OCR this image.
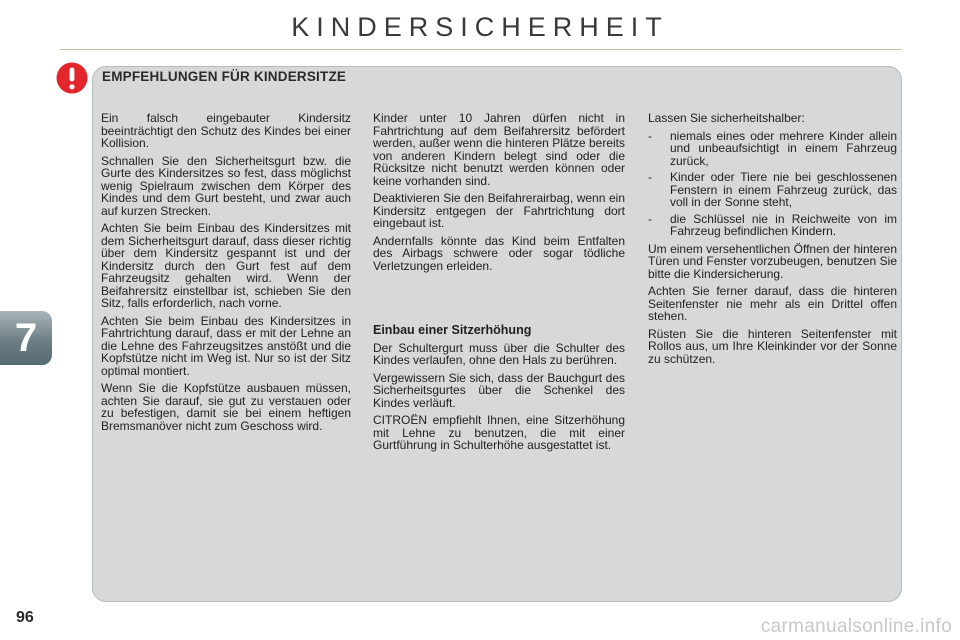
KINDERSICHERHEIT
7
EMPFEHLUNGEN FÜR KINDERSITZE

Ein falsch eingebauter Kindersitz beeinträchtigt den Schutz des Kindes bei einer Kollision.

Schnallen Sie den Sicherheitsgurt bzw. die Gurte des Kindersitzes so fest, dass möglichst wenig Spielraum zwischen dem Körper des Kindes und dem Gurt besteht, und zwar auch auf kurzen Strecken.

Achten Sie beim Einbau des Kindersitzes mit dem Sicherheitsgurt darauf, dass dieser richtig über dem Kindersitz gespannt ist und der Kindersitz durch den Gurt fest auf dem Fahrzeugsitz gehalten wird. Wenn der Beifahrersitz einstellbar ist, schieben Sie den Sitz, falls erforderlich, nach vorne.

Achten Sie beim Einbau des Kindersitzes in Fahrtrichtung darauf, dass er mit der Lehne an die Lehne des Fahrzeugsitzes anstößt und die Kopfstütze nicht im Weg ist. Nur so ist der Sitz optimal montiert.

Wenn Sie die Kopfstütze ausbauen müssen, achten Sie darauf, sie gut zu verstauen oder zu befestigen, damit sie bei einem heftigen Bremsmanöver nicht zum Geschoss wird.

Kinder unter 10 Jahren dürfen nicht in Fahrtrichtung auf dem Beifahrersitz befördert werden, außer wenn die hinteren Plätze bereits von anderen Kindern belegt sind oder die Rücksitze nicht benutzt werden können oder keine vorhanden sind.

Deaktivieren Sie den Beifahrerairbag, wenn ein Kindersitz entgegen der Fahrtrichtung dort eingebaut ist.

Andernfalls könnte das Kind beim Entfalten des Airbags schwere oder sogar tödliche Verletzungen erleiden.

Einbau einer Sitzerhöhung

Der Schultergurt muss über die Schulter des Kindes verlaufen, ohne den Hals zu berühren.

Vergewissern Sie sich, dass der Bauchgurt des Sicherheitsgurtes über die Schenkel des Kindes verläuft.

CITROËN empfiehlt Ihnen, eine Sitzerhöhung mit Lehne zu benutzen, die mit einer Gurtführung in Schulterhöhe ausgestattet ist.

Lassen Sie sicherheitshalber:

- niemals eines oder mehrere Kinder allein und unbeaufsichtigt in einem Fahrzeug zurück,
- Kinder oder Tiere nie bei geschlossenen Fenstern in einem Fahrzeug zurück, das voll in der Sonne steht,
- die Schlüssel nie in Reichweite von im Fahrzeug befindlichen Kindern.

Um einem versehentlichen Öffnen der hinteren Türen und Fenster vorzubeugen, benutzen Sie bitte die Kindersicherung.

Achten Sie ferner darauf, dass die hinteren Seitenfenster nie mehr als ein Drittel offen stehen.

Rüsten Sie die hinteren Seitenfenster mit Rollos aus, um Ihre Kleinkinder vor der Sonne zu schützen.

96	carmanualsonline.info
